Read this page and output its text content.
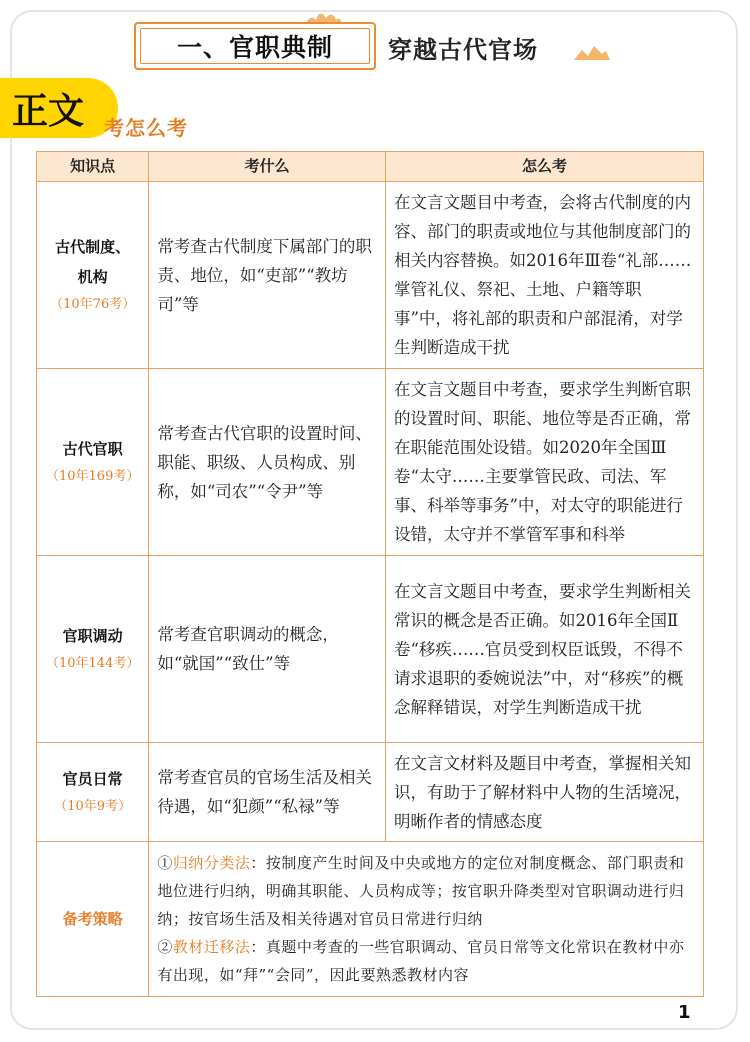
一、官职典制	穿越古代官场
正文 考怎么考
知识点	考什么	怎么考

古代制度、
机构
（10年76考）	常考查古代制度下属部门的职责、地位，如“吏部”“教坊司”等	在文言文题目中考查，会将古代制度的内容、部门的职责或地位与其他制度部门的相关内容替换。如2016年Ⅲ卷“礼部……掌管礼仪、祭祀、土地、户籍等职事”中，将礼部的职责和户部混淆，对学生判断造成干扰

古代官职
（10年169考）	常考查古代官职的设置时间、职能、职级、人员构成、别称，如“司农”“令尹”等	在文言文题目中考查，要求学生判断官职的设置时间、职能、地位等是否正确，常在职能范围处设错。如2020年全国Ⅲ卷“太守……主要掌管民政、司法、军事、科举等事务”中，对太守的职能进行设错，太守并不掌管军事和科举

官职调动
（10年144考）	常考查官职调动的概念，如“就国”“致仕”等	在文言文题目中考查，要求学生判断相关常识的概念是否正确。如2016年全国Ⅱ卷“移疾……官员受到权臣诋毁，不得不请求退职的委婉说法”中，对“移疾”的概念解释错误，对学生判断造成干扰

官员日常
（10年9考）	常考查官员的官场生活及相关待遇，如“犯颜”“私禄”等	在文言文材料及题目中考查，掌握相关知识，有助于了解材料中人物的生活境况，明晰作者的情感态度
备考策略	①归纳分类法：按制度产生时间及中央或地方的定位对制度概念、部门职责和地位进行归纳，明确其职能、人员构成等；按官职升降类型对官职调动进行归纳；按官场生活及相关待遇对官员日常进行归纳
②教材迁移法：真题中考查的一些官职调动、官员日常等文化常识在教材中亦有出现，如“拜”“会同”，因此要熟悉教材内容	
1
